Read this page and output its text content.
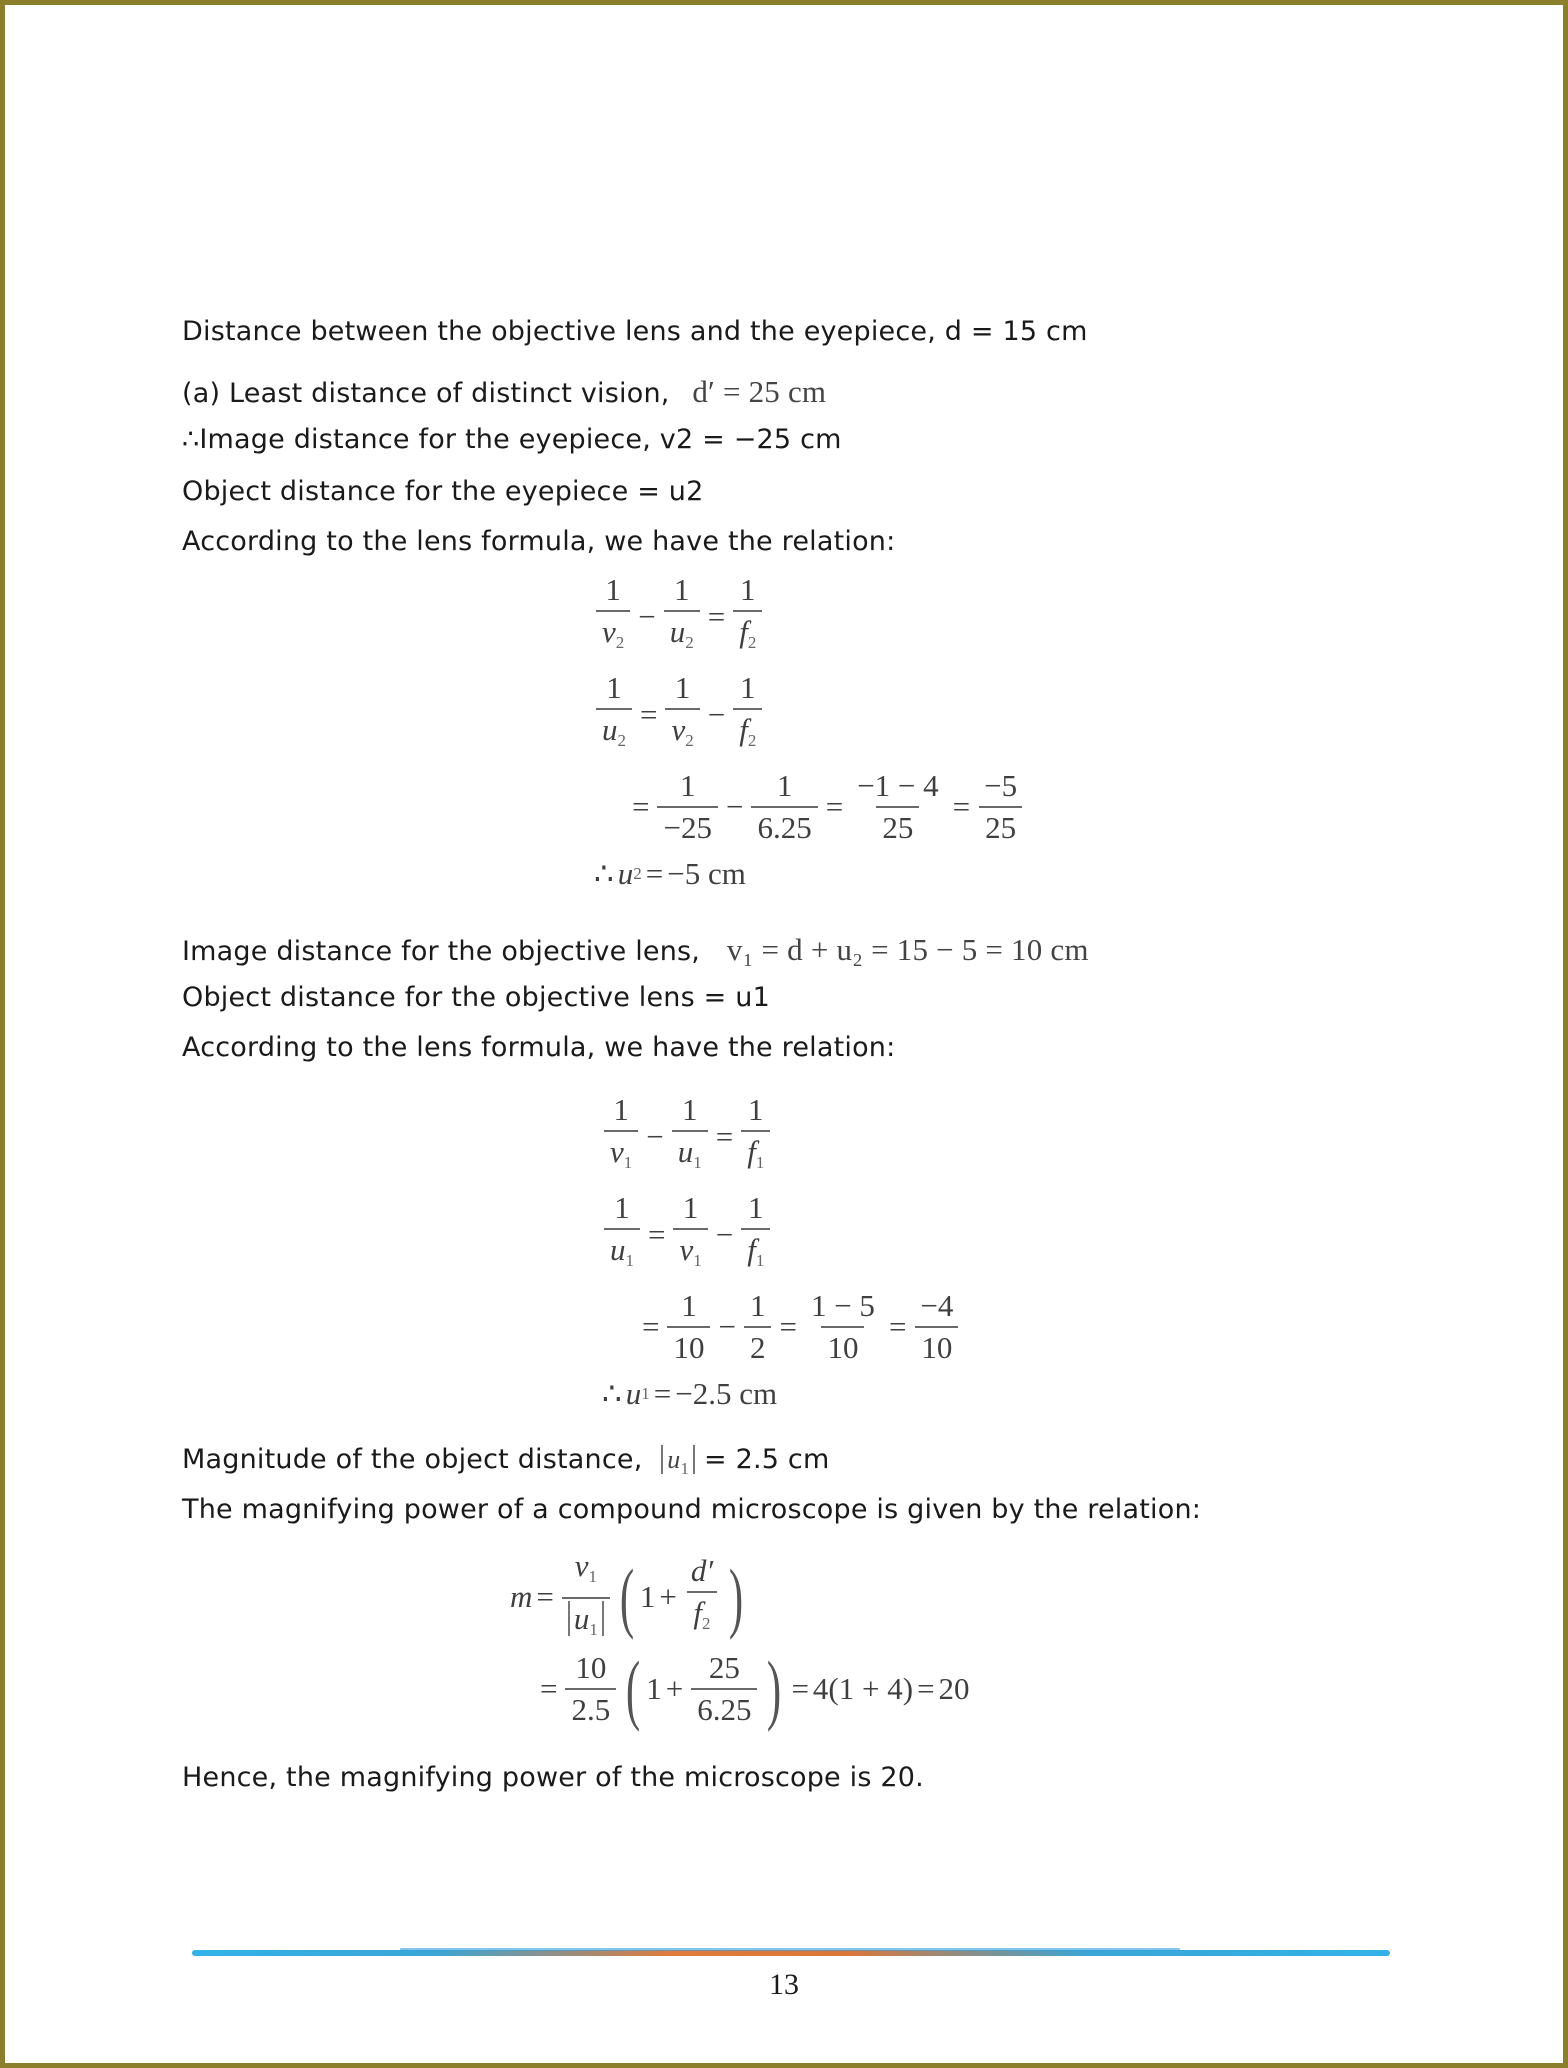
Distance between the objective lens and the eyepiece, d = 15 cm
(a) Least distance of distinct vision, d′ = 25 cm
∴Image distance for the eyepiece, v2 = −25 cm
Object distance for the eyepiece = u2
According to the lens formula, we have the relation:
$\frac{1}{v_2} - \frac{1}{u_2} = \frac{1}{f_2}$
$\frac{1}{u_2} = \frac{1}{v_2} - \frac{1}{f_2}$
= $\frac{1}{-25} - \frac{1}{6.25} = \frac{-1 - 4}{25} = \frac{-5}{25}$
∴ u 2 = −5 cm
Image distance for the objective lens, v₁ = d + u₂ = 15 − 5 = 10 cm
Object distance for the objective lens = u1
According to the lens formula, we have the relation:
$\frac{1}{v_1} - \frac{1}{u_1} = \frac{1}{f_1}$
$\frac{1}{u_1} = \frac{1}{v_1} - \frac{1}{f_1}$
= $\frac{1}{10} - \frac{1}{2} = \frac{1 - 5}{10} = \frac{-4}{10}$
∴ u 1 = −2.5 cm
Magnitude of the object distance, $u_1 = 2.5$ cm
The magnifying power of a compound microscope is given by the relation:
$m = \frac{v_1}{u_1}$ ( $1 + \frac{d'}{f_2}$ )
= $\frac{10}{2.5}$ ( $1 + \frac{25}{6.25}$ ) = 4(1 + 4) = 20
Hence, the magnifying power of the microscope is 20.
13
